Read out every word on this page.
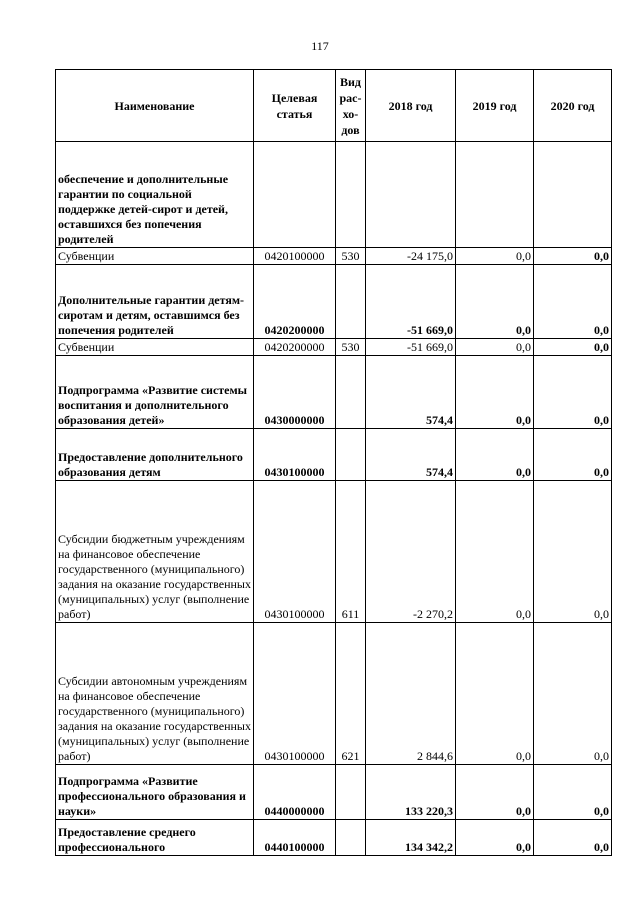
117
Наименование	Целевая статья	Вид рас-хо-дов	2018 год	2019 год	2020 год
обеспечение и дополнительные гарантии по социальной поддержке детей-сирот и детей, оставшихся без попечения родителей					
Субвенции	0420100000	530	-24 175,0	0,0	0,0
Дополнительные гарантии детям-сиротам и детям, оставшимся без попечения родителей	0420200000		-51 669,0	0,0	0,0
Субвенции	0420200000	530	-51 669,0	0,0	0,0
Подпрограмма «Развитие системы воспитания и дополнительного образования детей»	0430000000		574,4	0,0	0,0
Предоставление дополнительного образования детям	0430100000		574,4	0,0	0,0
Субсидии бюджетным учреждениям на финансовое обеспечение государственного (муниципального) задания на оказание государственных (муниципальных) услуг (выполнение работ)	0430100000	611	-2 270,2	0,0	0,0
Субсидии автономным учреждениям на финансовое обеспечение государственного (муниципального) задания на оказание государственных (муниципальных) услуг (выполнение работ)	0430100000	621	2 844,6	0,0	0,0
Подпрограмма «Развитие профессионального образования и науки»	0440000000		133 220,3	0,0	0,0
Предоставление среднего профессионального	0440100000		134 342,2	0,0	0,0
